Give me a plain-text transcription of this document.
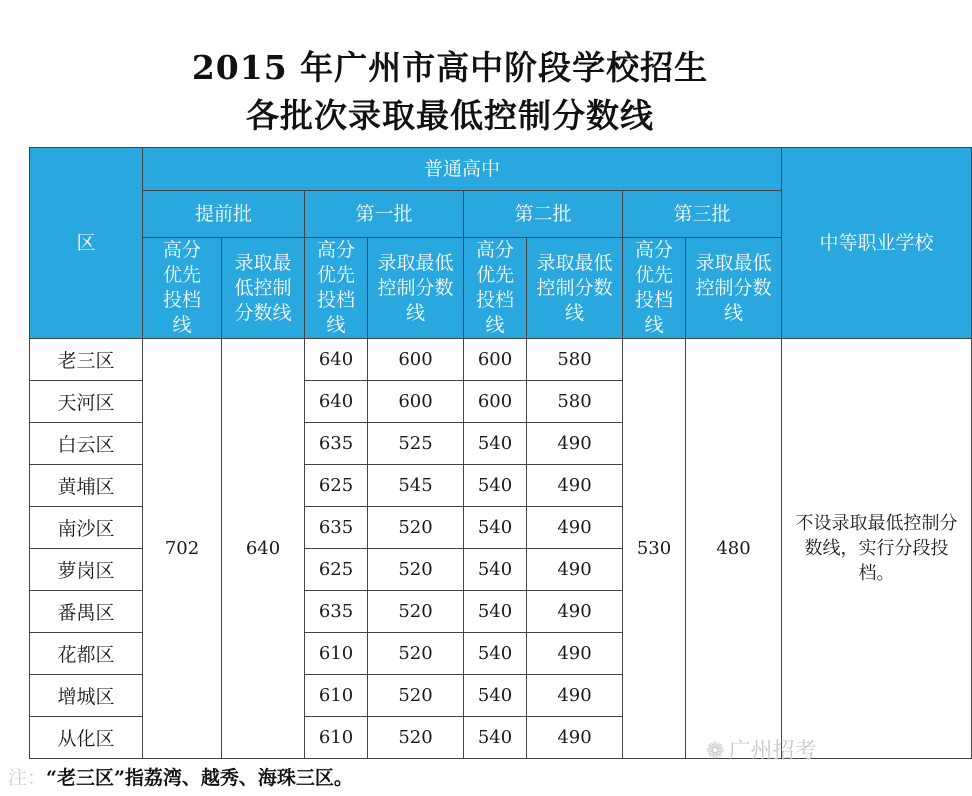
2015 年广州市高中阶段学校招生
各批次录取最低控制分数线
区	普通高中								中等职业学校
	提前批		第一批		第二批		第三批		
	高分优先投档线	录取最低控制分数线	高分优先投档线	录取最低控制分数线	高分优先投档线	录取最低控制分数线	高分优先投档线	录取最低控制分数线	
老三区	702	640	640	600	600	580	530	480	不设录取最低控制分数线，实行分段投档。
天河区			640	600	600	580			
白云区			635	525	540	490			
黄埔区			625	545	540	490			
南沙区			635	520	540	490			
萝岗区			625	520	540	490			
番禺区			635	520	540	490			
花都区			610	520	540	490			
增城区			610	520	540	490			
从化区			610	520	540	490			
注：“老三区”指荔湾、越秀、海珠三区。
❁ 广州招考
